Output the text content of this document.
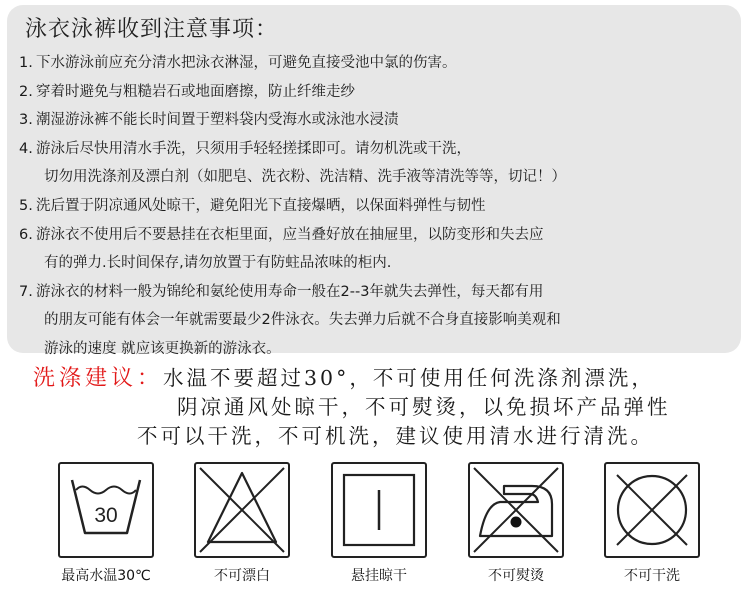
泳衣泳裤收到注意事项：
1. 下水游泳前应充分清水把泳衣淋湿，可避免直接受池中氯的伤害。
2. 穿着时避免与粗糙岩石或地面磨擦，防止纤维走纱
3. 潮湿游泳裤不能长时间置于塑料袋内受海水或泳池水浸渍
4. 游泳后尽快用清水手洗，只须用手轻轻搓揉即可。请勿机洗或干洗，
切勿用洗涤剂及漂白剂（如肥皂、洗衣粉、洗洁精、洗手液等清洗等等，切记！）
5. 洗后置于阴凉通风处晾干，避免阳光下直接爆晒，以保面料弹性与韧性
6. 游泳衣不使用后不要悬挂在衣柜里面，应当叠好放在抽屉里，以防变形和失去应
有的弹力.长时间保存,请勿放置于有防蛀品浓味的柜内.
7. 游泳衣的材料一般为锦纶和氨纶使用寿命一般在2--3年就失去弹性，每天都有用
的朋友可能有体会一年就需要最少2件泳衣。失去弹力后就不合身直接影响美观和
游泳的速度 就应该更换新的游泳衣。
洗涤建议：水温不要超过30°，不可使用任何洗涤剂漂洗，
阴凉通风处晾干，不可熨烫，以免损坏产品弹性
不可以干洗，不可机洗，建议使用清水进行清洗。
30
最高水温30℃	不可漂白	悬挂晾干	不可熨烫	不可干洗
